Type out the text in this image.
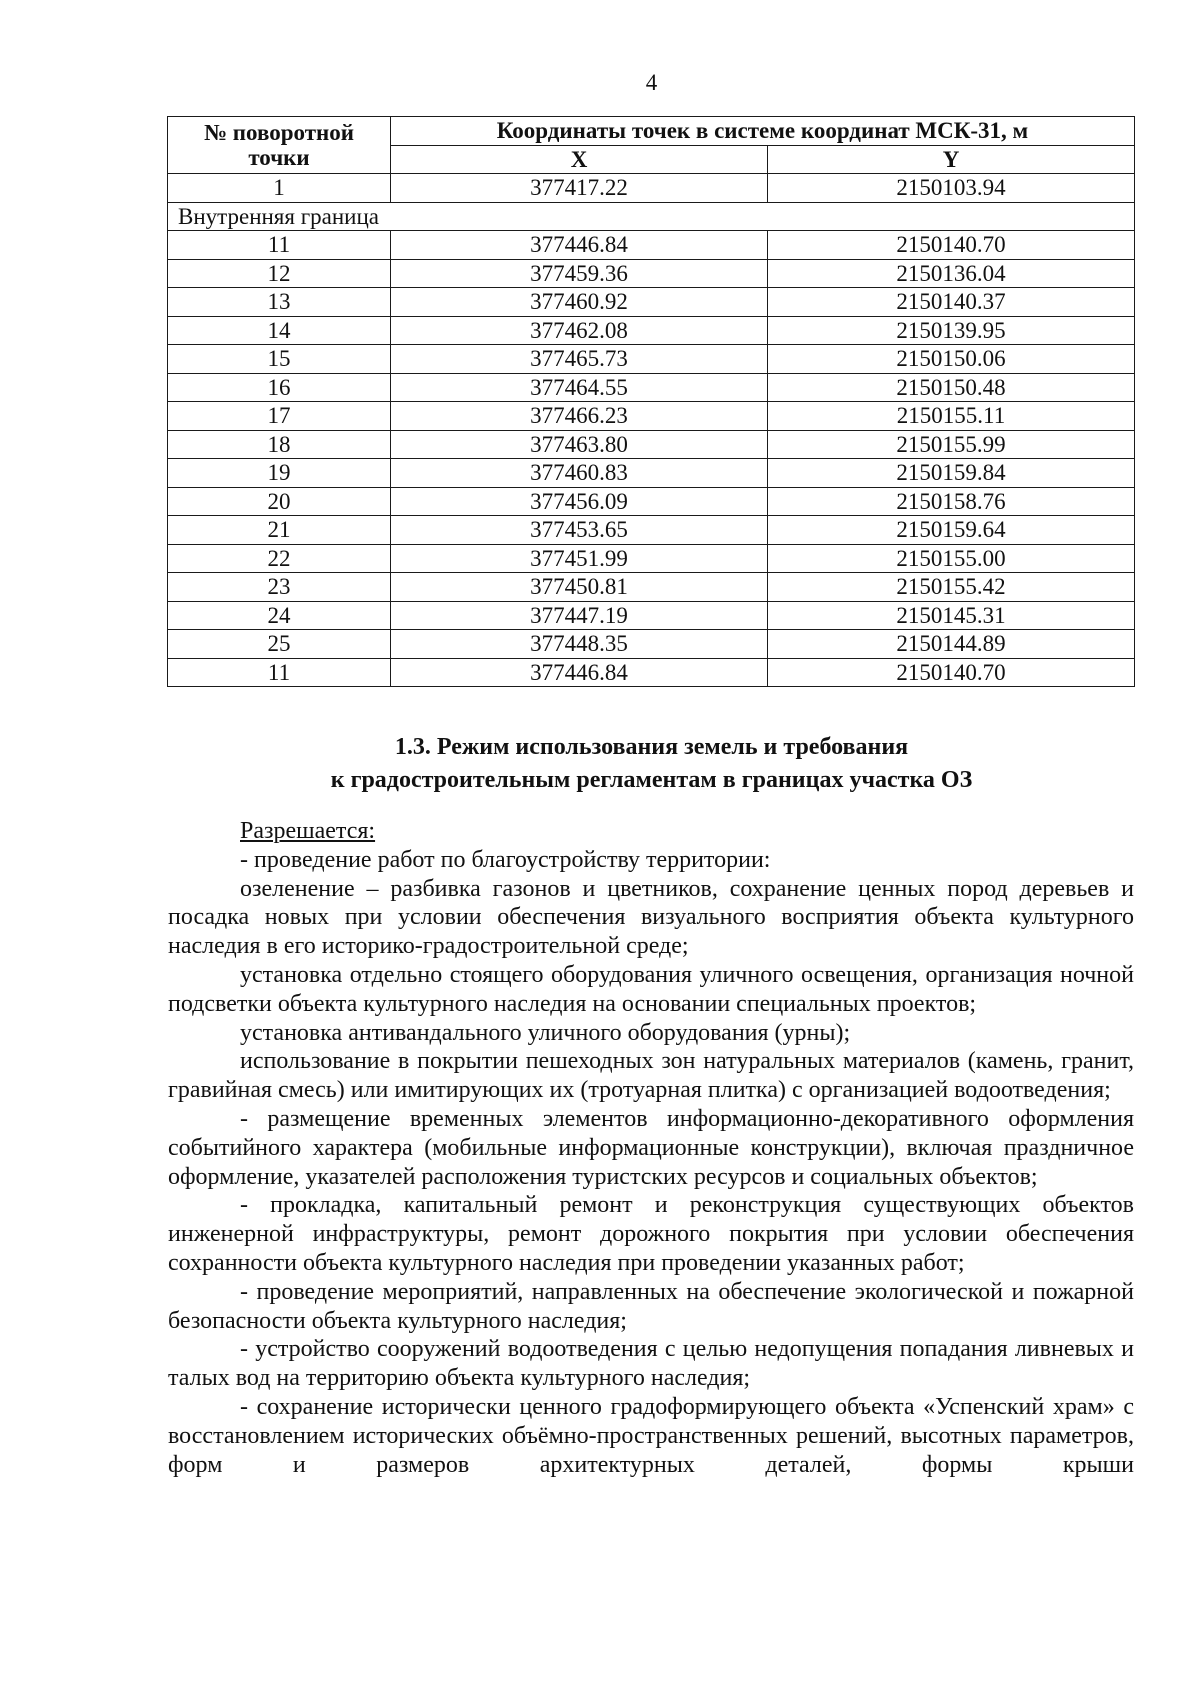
4
№ поворотной точки	Координаты точек в системе координат МСК-31, м	
	X	Y
1	377417.22	2150103.94
Внутренняя граница		
11	377446.84	2150140.70
12	377459.36	2150136.04
13	377460.92	2150140.37
14	377462.08	2150139.95
15	377465.73	2150150.06
16	377464.55	2150150.48
17	377466.23	2150155.11
18	377463.80	2150155.99
19	377460.83	2150159.84
20	377456.09	2150158.76
21	377453.65	2150159.64
22	377451.99	2150155.00
23	377450.81	2150155.42
24	377447.19	2150145.31
25	377448.35	2150144.89
11	377446.84	2150140.70
1.3. Режим использования земель и требования
к градостроительным регламентам в границах участка ОЗ

Разрешается:

- проведение работ по благоустройству территории:

озеленение – разбивка газонов и цветников, сохранение ценных пород деревьев и посадка новых при условии обеспечения визуального восприятия объекта культурного наследия в его историко-градостроительной среде;

установка отдельно стоящего оборудования уличного освещения, организация ночной подсветки объекта культурного наследия на основании специальных проектов;

установка антивандального уличного оборудования (урны);

использование в покрытии пешеходных зон натуральных материалов (камень, гранит, гравийная смесь) или имитирующих их (тротуарная плитка) с организацией водоотведения;

- размещение временных элементов информационно-декоративного оформления событийного характера (мобильные информационные конструкции), включая праздничное оформление, указателей расположения туристских ресурсов и социальных объектов;

- прокладка, капитальный ремонт и реконструкция существующих объектов инженерной инфраструктуры, ремонт дорожного покрытия при условии обеспечения сохранности объекта культурного наследия при проведении указанных работ;

- проведение мероприятий, направленных на обеспечение экологической и пожарной безопасности объекта культурного наследия;

- устройство сооружений водоотведения с целью недопущения попадания ливневых и талых вод на территорию объекта культурного наследия;

- сохранение исторически ценного градоформирующего объекта «Успенский храм» с восстановлением исторических объёмно-пространственных решений, высотных параметров, форм и размеров архитектурных деталей, формы крыши
